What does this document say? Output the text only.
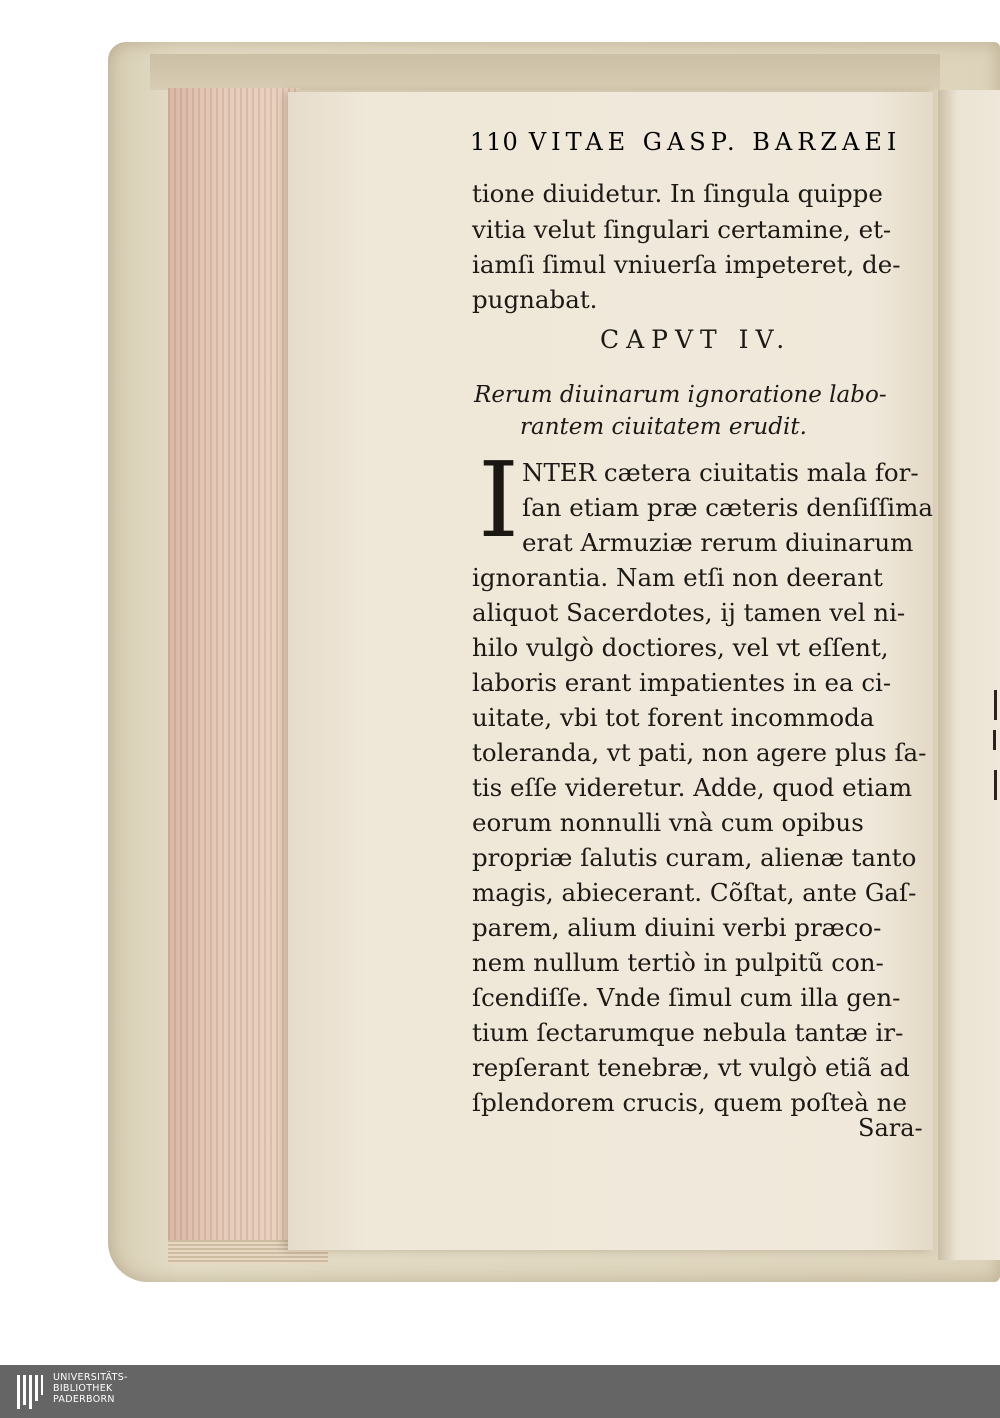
110 VITAE GASP. BARZAEI
tione diuidetur. In ſingula quippe
vitia velut ſingulari certamine, et-
iamſi ſimul vniuerſa impeteret, de-
pugnabat.
CAPVT IV.
Rerum diuinarum ignoratione labo-
rantem ciuitatem erudit.
I NTER cætera ciuitatis mala for-
ſan etiam præ cæteris denſiſſima
erat Armuziæ rerum diuinarum
ignorantia. Nam etſi non deerant
aliquot Sacerdotes, ij tamen vel ni-
hilo vulgò doctiores, vel vt eſſent,
laboris erant impatientes in ea ci-
uitate, vbi tot forent incommoda
toleranda, vt pati, non agere plus ſa-
tis eſſe videretur. Adde, quod etiam
eorum nonnulli vnà cum opibus
propriæ ſalutis curam, alienæ tanto
magis, abiecerant. Cõſtat, ante Gaſ-
parem, alium diuini verbi præco-
nem nullum tertiò in pulpitũ con-
ſcendiſſe. Vnde ſimul cum illa gen-
tium ſectarumque nebula tantæ ir-
repſerant tenebræ, vt vulgò etiã ad
ſplendorem crucis, quem poſteà ne
Sara-
UNIVERSITÄTS-
BIBLIOTHEK
PADERBORN
